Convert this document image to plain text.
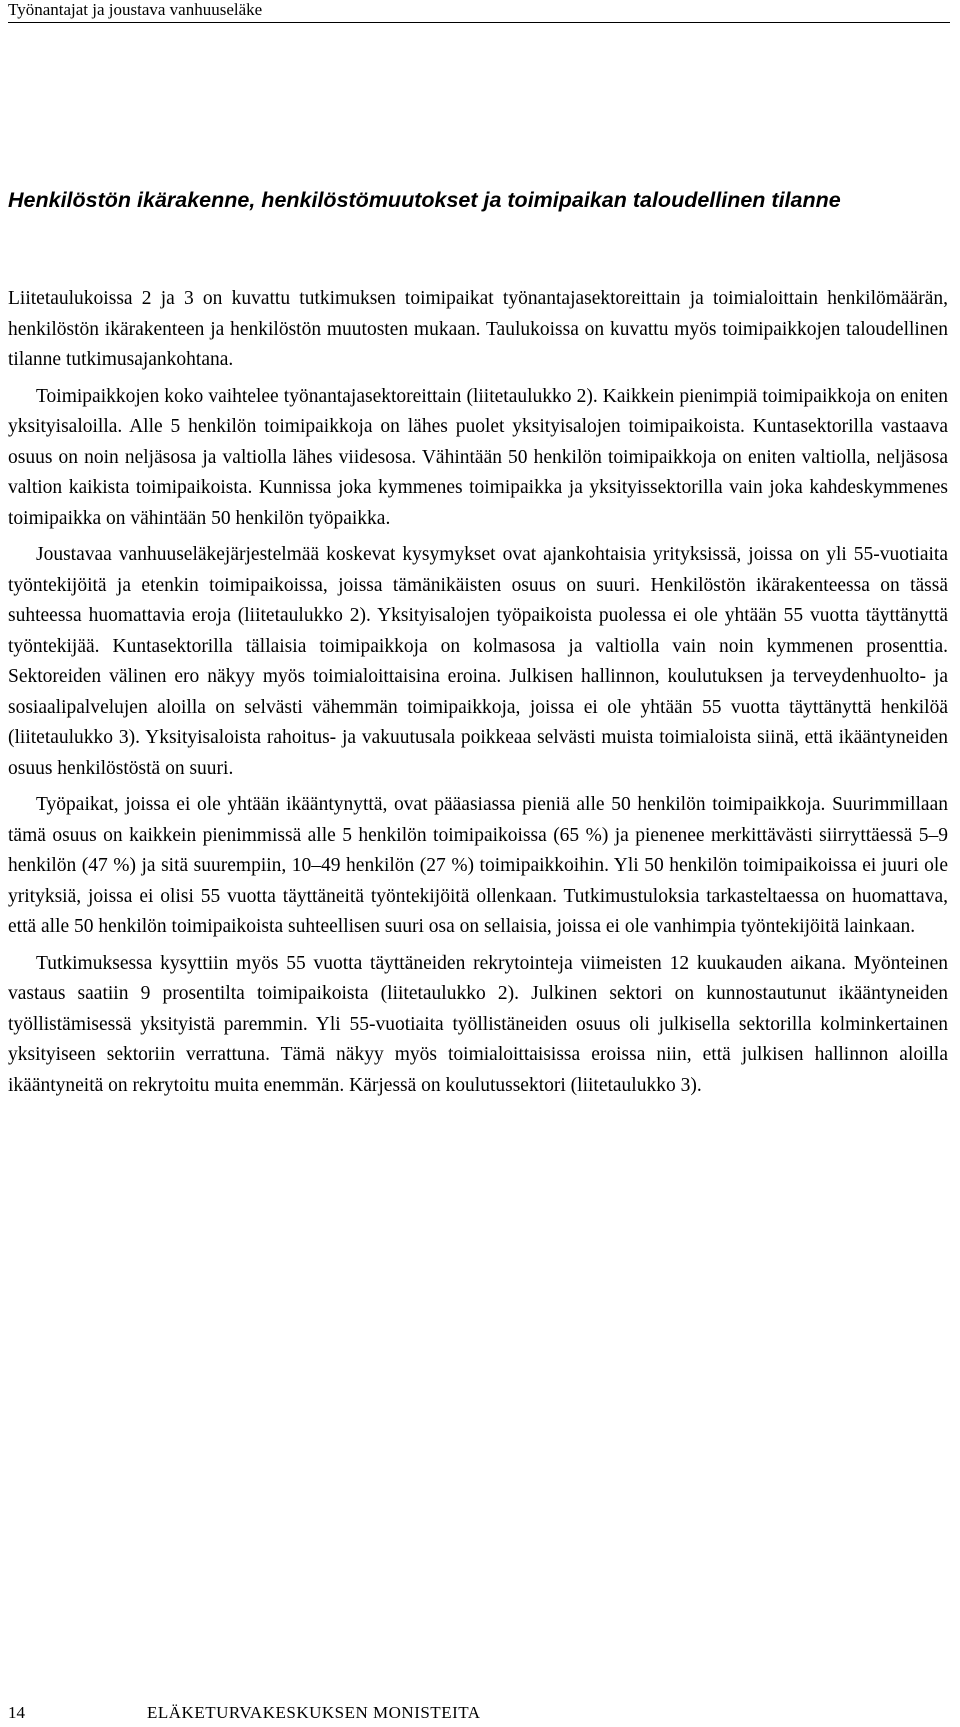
Työnantajat ja joustava vanhuuseläke
Henkilöstön ikärakenne, henkilöstömuutokset ja toimipaikan taloudellinen tilanne

Liitetaulukoissa 2 ja 3 on kuvattu tutkimuksen toimipaikat työnantajasektoreittain ja toimialoittain henkilömäärän, henkilöstön ikärakenteen ja henkilöstön muutosten mukaan. Taulukoissa on kuvattu myös toimipaikkojen taloudellinen tilanne tutkimusajankohtana.

Toimipaikkojen koko vaihtelee työnantajasektoreittain (liitetaulukko 2). Kaikkein pienimpiä toimipaikkoja on eniten yksityisaloilla. Alle 5 henkilön toimipaikkoja on lähes puolet yksityisalojen toimipaikoista. Kuntasektorilla vastaava osuus on noin neljäsosa ja valtiolla lähes viidesosa. Vähintään 50 henkilön toimipaikkoja on eniten valtiolla, neljäsosa valtion kaikista toimipaikoista. Kunnissa joka kymmenes toimipaikka ja yksityissektorilla vain joka kahdeskymmenes toimipaikka on vähintään 50 henkilön työpaikka.

Joustavaa vanhuuseläkejärjestelmää koskevat kysymykset ovat ajankohtaisia yrityksissä, joissa on yli 55-vuotiaita työntekijöitä ja etenkin toimipaikoissa, joissa tämänikäisten osuus on suuri. Henkilöstön ikärakenteessa on tässä suhteessa huomattavia eroja (liitetaulukko 2). Yksityisalojen työpaikoista puolessa ei ole yhtään 55 vuotta täyttänyttä työntekijää. Kuntasektorilla tällaisia toimipaikkoja on kolmasosa ja valtiolla vain noin kymmenen prosenttia. Sektoreiden välinen ero näkyy myös toimialoittaisina eroina. Julkisen hallinnon, koulutuksen ja terveydenhuolto- ja sosiaalipalvelujen aloilla on selvästi vähemmän toimipaikkoja, joissa ei ole yhtään 55 vuotta täyttänyttä henkilöä (liitetaulukko 3). Yksityisaloista rahoitus- ja vakuutusala poikkeaa selvästi muista toimialoista siinä, että ikääntyneiden osuus henkilöstöstä on suuri.

Työpaikat, joissa ei ole yhtään ikääntynyttä, ovat pääasiassa pieniä alle 50 henkilön toimipaikkoja. Suurimmillaan tämä osuus on kaikkein pienimmissä alle 5 henkilön toimipaikoissa (65 %) ja pienenee merkittävästi siirryttäessä 5–9 henkilön (47 %) ja sitä suurempiin, 10–49 henkilön (27 %) toimipaikkoihin. Yli 50 henkilön toimipaikoissa ei juuri ole yrityksiä, joissa ei olisi 55 vuotta täyttäneitä työntekijöitä ollenkaan. Tutkimustuloksia tarkasteltaessa on huomattava, että alle 50 henkilön toimipaikoista suhteellisen suuri osa on sellaisia, joissa ei ole vanhimpia työntekijöitä lainkaan.

Tutkimuksessa kysyttiin myös 55 vuotta täyttäneiden rekrytointeja viimeisten 12 kuukauden aikana. Myönteinen vastaus saatiin 9 prosentilta toimipaikoista (liitetaulukko 2). Julkinen sektori on kunnostautunut ikääntyneiden työllistämisessä yksityistä paremmin. Yli 55-vuotiaita työllistäneiden osuus oli julkisella sektorilla kolminkertainen yksityiseen sektoriin verrattuna. Tämä näkyy myös toimialoittaisissa eroissa niin, että julkisen hallinnon aloilla ikääntyneitä on rekrytoitu muita enemmän. Kärjessä on koulutussektori (liitetaulukko 3).

14	ELÄKETURVAKESKUKSEN MONISTEITA
